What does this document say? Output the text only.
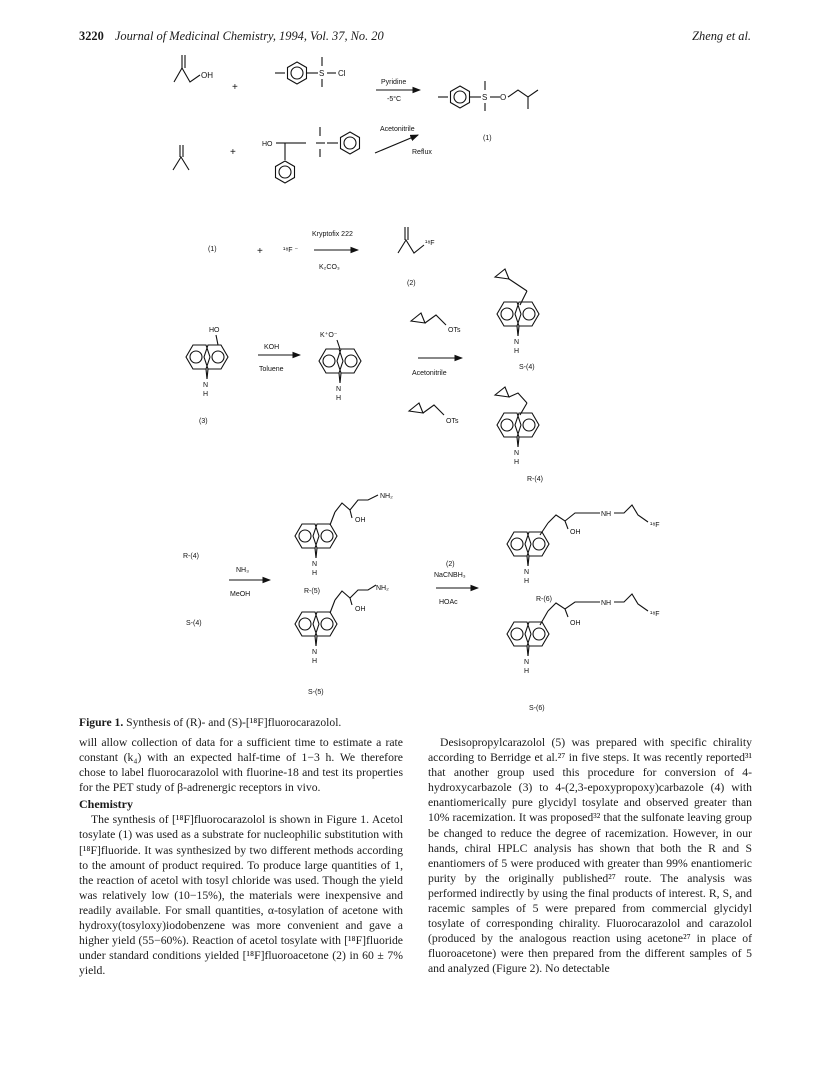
3220 Journal of Medicinal Chemistry, 1994, Vol. 37, No. 20	Zheng et al.
OH
+
S Cl
Pyridine
-5°C	S O
(1)
+
HO
Acetonitrile
Reflux
(1)	+	¹⁸F ⁻
Kryptofix 222
K₂CO₃
¹⁸F
(2)
HO
N
H
(3)
KOH
Toluene
K⁺O⁻
N
H
OTs
Acetonitrile
OTs
N
H
S-(4)
N
H
R-(4)
R-(4)
S-(4)
NH₃
MeOH
OH
NH₂
N
H
R-(5)
OH
NH₂
N
H
S-(5)
(2)
NaCNBH₃
HOAc
OH
NH
¹⁸F
N
H
R-(6)
OH
NH
¹⁸F
N
H
S-(6)
Figure 1. Synthesis of (R)- and (S)-[¹⁸F]fluorocarazolol.

will allow collection of data for a sufficient time to estimate a rate constant (k₄) with an expected half-time of 1−3 h. We therefore chose to label fluorocarazolol with fluorine-18 and test its properties for the PET study of β-adrenergic receptors in vivo.

Chemistry

The synthesis of [¹⁸F]fluorocarazolol is shown in Figure 1. Acetol tosylate (1) was used as a substrate for nucleophilic substitution with [¹⁸F]fluoride. It was synthesized by two different methods according to the amount of product required. To produce large quantities of 1, the reaction of acetol with tosyl chloride was used. Though the yield was relatively low (10−15%), the materials were inexpensive and readily available. For small quantities, α-tosylation of acetone with hydroxy(tosyloxy)iodobenzene was more convenient and gave a higher yield (55−60%). Reaction of acetol tosylate with [¹⁸F]fluoride under standard conditions yielded [¹⁸F]fluoroacetone (2) in 60 ± 7% yield.

Desisopropylcarazolol (5) was prepared with specific chirality according to Berridge et al.²⁷ in five steps. It was recently reported³¹ that another group used this procedure for conversion of 4-hydroxycarbazole (3) to 4-(2,3-epoxypropoxy)carbazole (4) with enantiomerically pure glycidyl tosylate and observed greater than 10% racemization. It was proposed³² that the sulfonate leaving group be changed to reduce the degree of racemization. However, in our hands, chiral HPLC analysis has shown that both the R and S enantiomers of 5 were produced with greater than 99% enantiomeric purity by the originally published²⁷ route. The analysis was performed indirectly by using the final products of interest. R, S, and racemic samples of 5 were prepared from commercial glycidyl tosylate of corresponding chirality. Fluorocarazolol and carazolol (produced by the analogous reaction using acetone²⁷ in place of fluoroacetone) were then prepared from the different samples of 5 and analyzed (Figure 2). No detectable
